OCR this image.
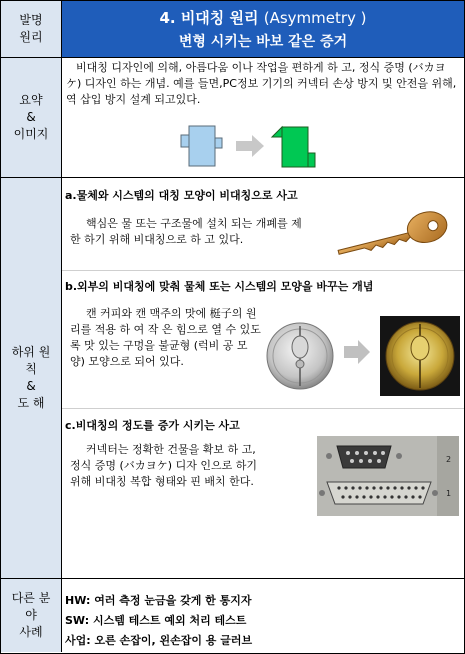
발명
원리
4. 비대칭 원리 (Asymmetry )
변형 시키는 바보 같은 증거
요약
&
이미지
비대칭 디자인에 의해, 아름다움 이나 작업을 편하게 하 고, 정식 증명 (バカヨケ) 디자인 하는 개념. 예를 들면,PC정보 기기의 커넥터 손상 방지 및 안전을 위해, 역 삽입 방지 설계 되고있다.
하위 원
칙
&
도 해
a.물체와 시스템의 대칭 모양이 비대칭으로 사고
핵심은 물 또는 구조물에 설치 되는 개폐를 제한 하기 위해 비대칭으로 하 고 있다.
b.외부의 비대칭에 맞춰 물체 또는 시스템의 모양을 바꾸는 개념
캔 커피와 캔 맥주의 맛에 梃子의 원리를 적용 하 여 작 은 힘으로 열 수 있도록 맛 있는 구멍을 불균형 (럭비 공 모 양) 모양으로 되어 있다.
c.비대칭의 정도를 증가 시키는 사고
커넥터는 정확한 건물을 확보 하 고, 정식 증명 (バカヨケ) 디자 인으로 하기 위해 비대칭 복합 형태와 핀 배치 한다.
2
1
다른 분
야
사례
HW: 여러 측정 눈금을 갖게 한 통지자
SW: 시스템 테스트 예외 처리 테스트
사업: 오른 손잡이, 왼손잡이 용 글러브
